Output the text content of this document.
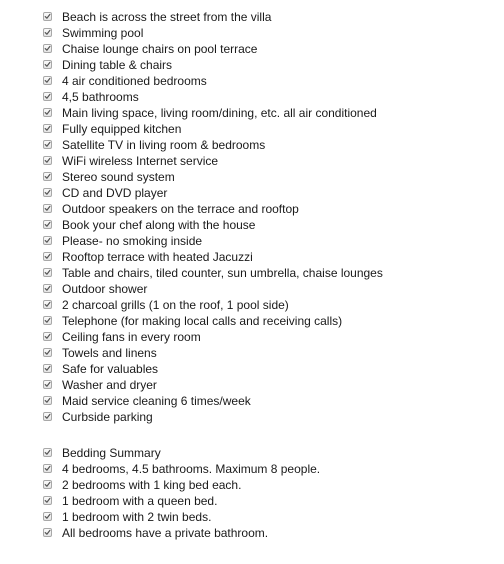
Beach is across the street from the villa
Swimming pool
Chaise lounge chairs on pool terrace
Dining table & chairs
4 air conditioned bedrooms
4,5 bathrooms
Main living space, living room/dining, etc. all air conditioned
Fully equipped kitchen
Satellite TV in living room & bedrooms
WiFi wireless Internet service
Stereo sound system
CD and DVD player
Outdoor speakers on the terrace and rooftop
Book your chef along with the house
Please- no smoking inside
Rooftop terrace with heated Jacuzzi
Table and chairs, tiled counter, sun umbrella, chaise lounges
Outdoor shower
2 charcoal grills (1 on the roof, 1 pool side)
Telephone (for making local calls and receiving calls)
Ceiling fans in every room
Towels and linens
Safe for valuables
Washer and dryer
Maid service cleaning 6 times/week
Curbside parking
Bedding Summary
4 bedrooms, 4.5 bathrooms. Maximum 8 people.
2 bedrooms with 1 king bed each.
1 bedroom with a queen bed.
1 bedroom with 2 twin beds.
All bedrooms have a private bathroom.
